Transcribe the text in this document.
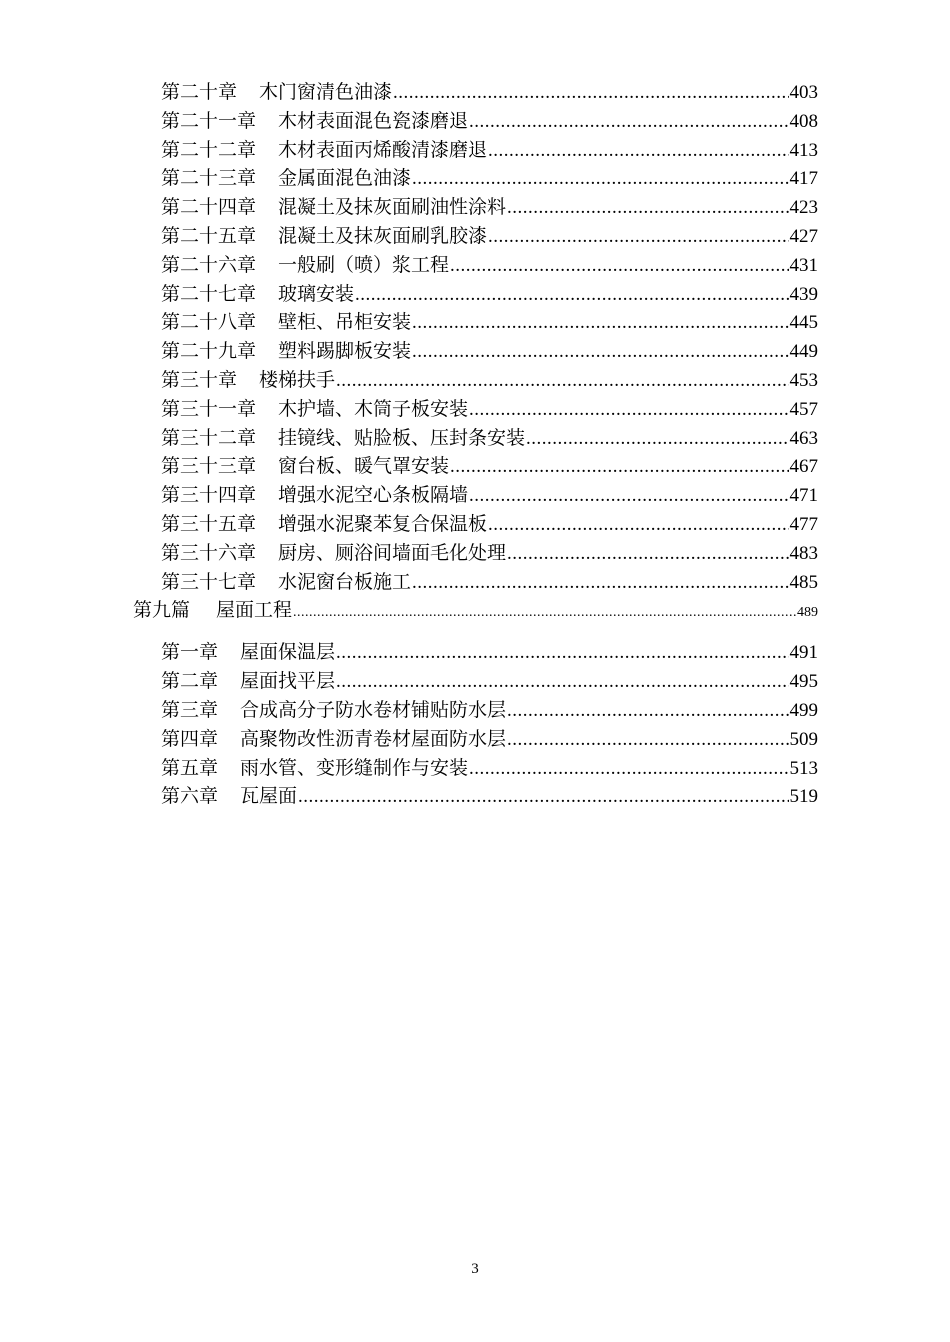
第二十章	木门窗清色油漆 .....	403
第二十一章	木材表面混色瓷漆磨退 .....	408
第二十二章	木材表面丙烯酸清漆磨退 .....	413
第二十三章	金属面混色油漆 .....	417
第二十四章	混凝土及抹灰面刷油性涂料 .....	423
第二十五章	混凝土及抹灰面刷乳胶漆 .....	427
第二十六章	一般刷（喷）浆工程 .....	431
第二十七章	玻璃安装 .....	439
第二十八章	壁柜、吊柜安装 .....	445
第二十九章	塑料踢脚板安装 .....	449
第三十章	楼梯扶手 .....	453
第三十一章	木护墙、木筒子板安装 .....	457
第三十二章	挂镜线、贴脸板、压封条安装 .....	463
第三十三章	窗台板、暖气罩安装 .....	467
第三十四章	增强水泥空心条板隔墙 .....	471
第三十五章	增强水泥聚苯复合保温板 .....	477
第三十六章	厨房、厕浴间墙面毛化处理 .....	483
第三十七章	水泥窗台板施工 .....	485
第九篇	屋面工程 .....	489
第一章	屋面保温层 .....	491
第二章	屋面找平层 .....	495
第三章	合成高分子防水卷材铺贴防水层 .....	499
第四章	高聚物改性沥青卷材屋面防水层 .....	509
第五章	雨水管、变形缝制作与安装 .....	513
第六章	瓦屋面 .....	519
3
